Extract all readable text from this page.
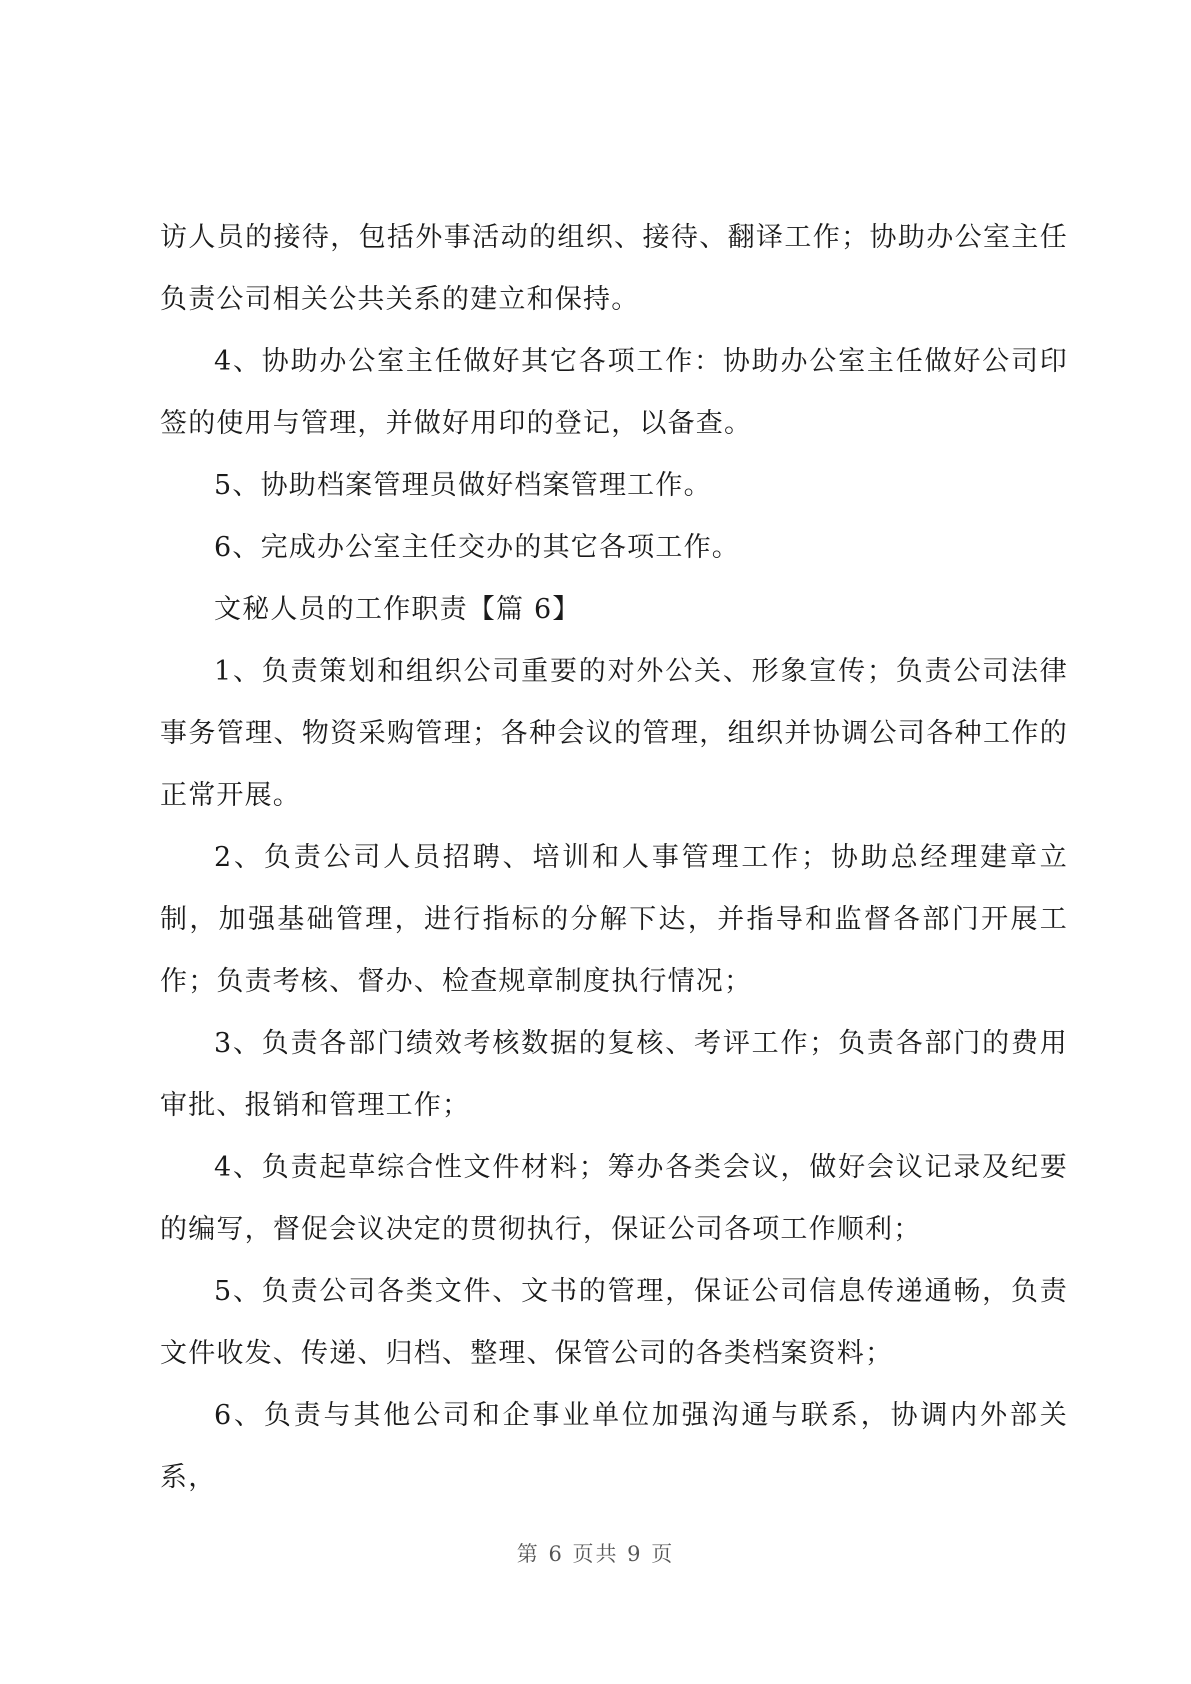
访人员的接待，包括外事活动的组织、接待、翻译工作；协助办公室主任负责公司相关公共关系的建立和保持。

4、协助办公室主任做好其它各项工作：协助办公室主任做好公司印签的使用与管理，并做好用印的登记，以备查。

5、协助档案管理员做好档案管理工作。

6、完成办公室主任交办的其它各项工作。

文秘人员的工作职责【篇 6】

1、负责策划和组织公司重要的对外公关、形象宣传；负责公司法律事务管理、物资采购管理；各种会议的管理，组织并协调公司各种工作的正常开展。

2、负责公司人员招聘、培训和人事管理工作；协助总经理建章立制，加强基础管理，进行指标的分解下达，并指导和监督各部门开展工作；负责考核、督办、检查规章制度执行情况；

3、负责各部门绩效考核数据的复核、考评工作；负责各部门的费用审批、报销和管理工作；

4、负责起草综合性文件材料；筹办各类会议，做好会议记录及纪要的编写，督促会议决定的贯彻执行，保证公司各项工作顺利；

5、负责公司各类文件、文书的管理，保证公司信息传递通畅，负责文件收发、传递、归档、整理、保管公司的各类档案资料；

6、负责与其他公司和企事业单位加强沟通与联系，协调内外部关系，

第 6 页共 9 页
